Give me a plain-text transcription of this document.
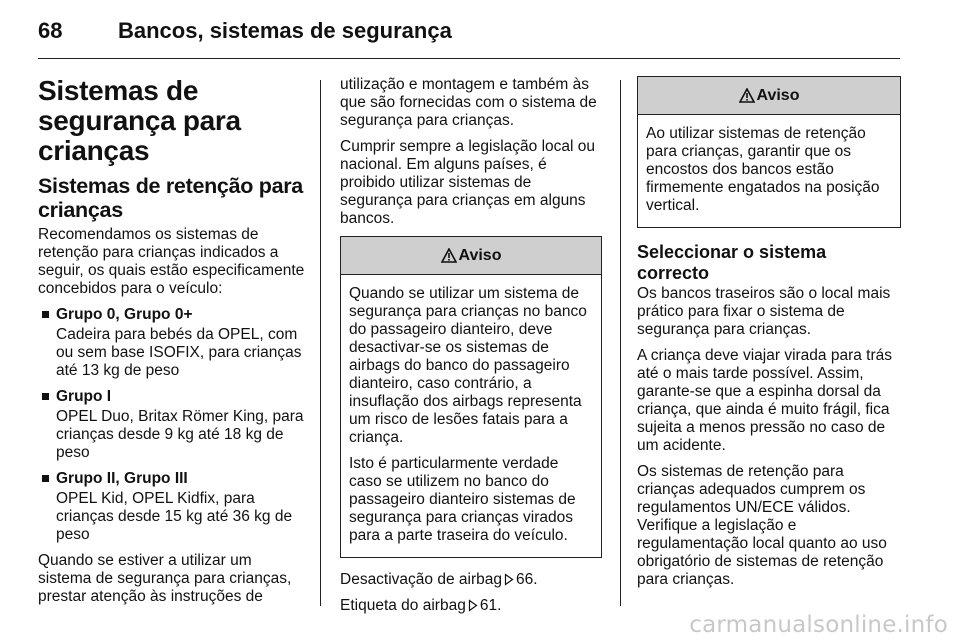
68	Bancos, sistemas de segurança
Sistemas de segurança para crianças
Sistemas de retenção para crianças

Recomendamos os sistemas de retenção para crianças indicados a seguir, os quais estão especificamente concebidos para o veículo:

Grupo 0, Grupo 0+

Cadeira para bebés da OPEL, com ou sem base ISOFIX, para crianças até 13 kg de peso

Grupo I

OPEL Duo, Britax Römer King, para crianças desde 9 kg até 18 kg de peso

Grupo II, Grupo III

OPEL Kid, OPEL Kidfix, para crianças desde 15 kg até 36 kg de peso

Quando se estiver a utilizar um sistema de segurança para crianças, prestar atenção às instruções de

utilização e montagem e também às que são fornecidas com o sistema de segurança para crianças.

Cumprir sempre a legislação local ou nacional. Em alguns países, é proibido utilizar sistemas de segurança para crianças em alguns bancos.

Aviso

Quando se utilizar um sistema de segurança para crianças no banco do passageiro dianteiro, deve desactivar-se os sistemas de airbags do banco do passageiro dianteiro, caso contrário, a insuflação dos airbags representa um risco de lesões fatais para a criança.

Isto é particularmente verdade caso se utilizem no banco do passageiro dianteiro sistemas de segurança para crianças virados para a parte traseira do veículo.

Desactivação de airbag 66.

Etiqueta do airbag 61.

Aviso

Ao utilizar sistemas de retenção para crianças, garantir que os encostos dos bancos estão firmemente engatados na posição vertical.

Seleccionar o sistema correcto

Os bancos traseiros são o local mais prático para fixar o sistema de segurança para crianças.

A criança deve viajar virada para trás até o mais tarde possível. Assim, garante-se que a espinha dorsal da criança, que ainda é muito frágil, fica sujeita a menos pressão no caso de um acidente.

Os sistemas de retenção para crianças adequados cumprem os regulamentos UN/ECE válidos. Verifique a legislação e regulamentação local quanto ao uso obrigatório de sistemas de retenção para crianças.

carmanualsonline.info
